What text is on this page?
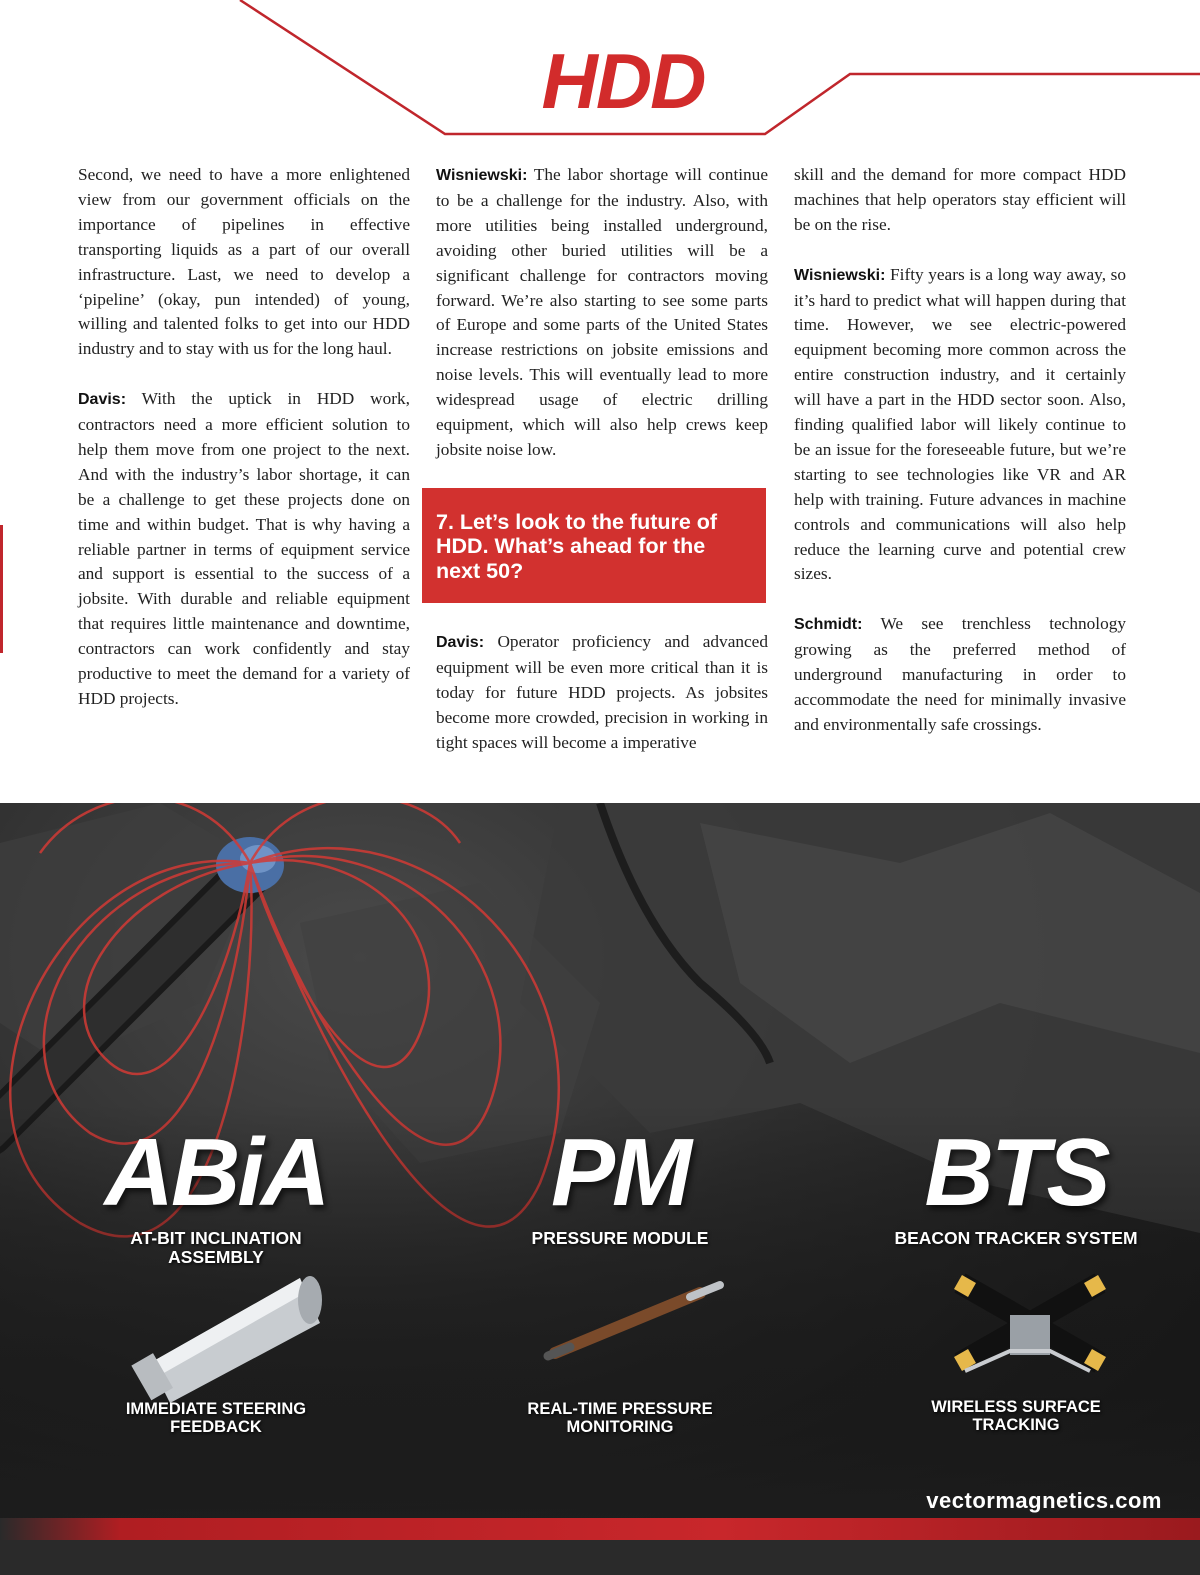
HDD

Second, we need to have a more enlightened view from our government officials on the importance of pipelines in effective transporting liquids as a part of our overall infrastructure. Last, we need to develop a ‘pipeline’ (okay, pun intended) of young, willing and talented folks to get into our HDD industry and to stay with us for the long haul.

Davis: With the uptick in HDD work, contractors need a more efficient solution to help them move from one project to the next. And with the industry’s labor shortage, it can be a challenge to get these projects done on time and within budget. That is why having a reliable partner in terms of equipment service and support is essential to the success of a jobsite. With durable and reliable equipment that requires little maintenance and downtime, contractors can work confidently and stay productive to meet the demand for a variety of HDD projects.

Wisniewski: The labor shortage will continue to be a challenge for the industry. Also, with more utilities being installed underground, avoiding other buried utilities will be a significant challenge for contractors moving forward. We’re also starting to see some parts of Europe and some parts of the United States increase restrictions on jobsite emissions and noise levels. This will eventually lead to more widespread usage of electric drilling equipment, which will also help crews keep jobsite noise low.

7. Let’s look to the future of HDD. What’s ahead for the next 50?

Davis: Operator proficiency and advanced equipment will be even more critical than it is today for future HDD projects. As jobsites become more crowded, precision in working in tight spaces will become a imperative

skill and the demand for more compact HDD machines that help operators stay efficient will be on the rise.

Wisniewski: Fifty years is a long way away, so it’s hard to predict what will happen during that time. However, we see electric-powered equipment becoming more common across the entire construction industry, and it certainly will have a part in the HDD sector soon. Also, finding qualified labor will likely continue to be an issue for the foreseeable future, but we’re starting to see technologies like VR and AR help with training. Future advances in machine controls and communications will also help reduce the learning curve and potential crew sizes.

Schmidt: We see trenchless technology growing as the preferred method of underground manufacturing in order to accommodate the need for minimally invasive and environmentally safe crossings.

ABiA
AT-BIT INCLINATION
ASSEMBLY
IMMEDIATE STEERING
FEEDBACK
PM
PRESSURE MODULE
REAL-TIME PRESSURE
MONITORING
BTS
BEACON TRACKER SYSTEM
WIRELESS SURFACE
TRACKING
vectormagnetics.com
